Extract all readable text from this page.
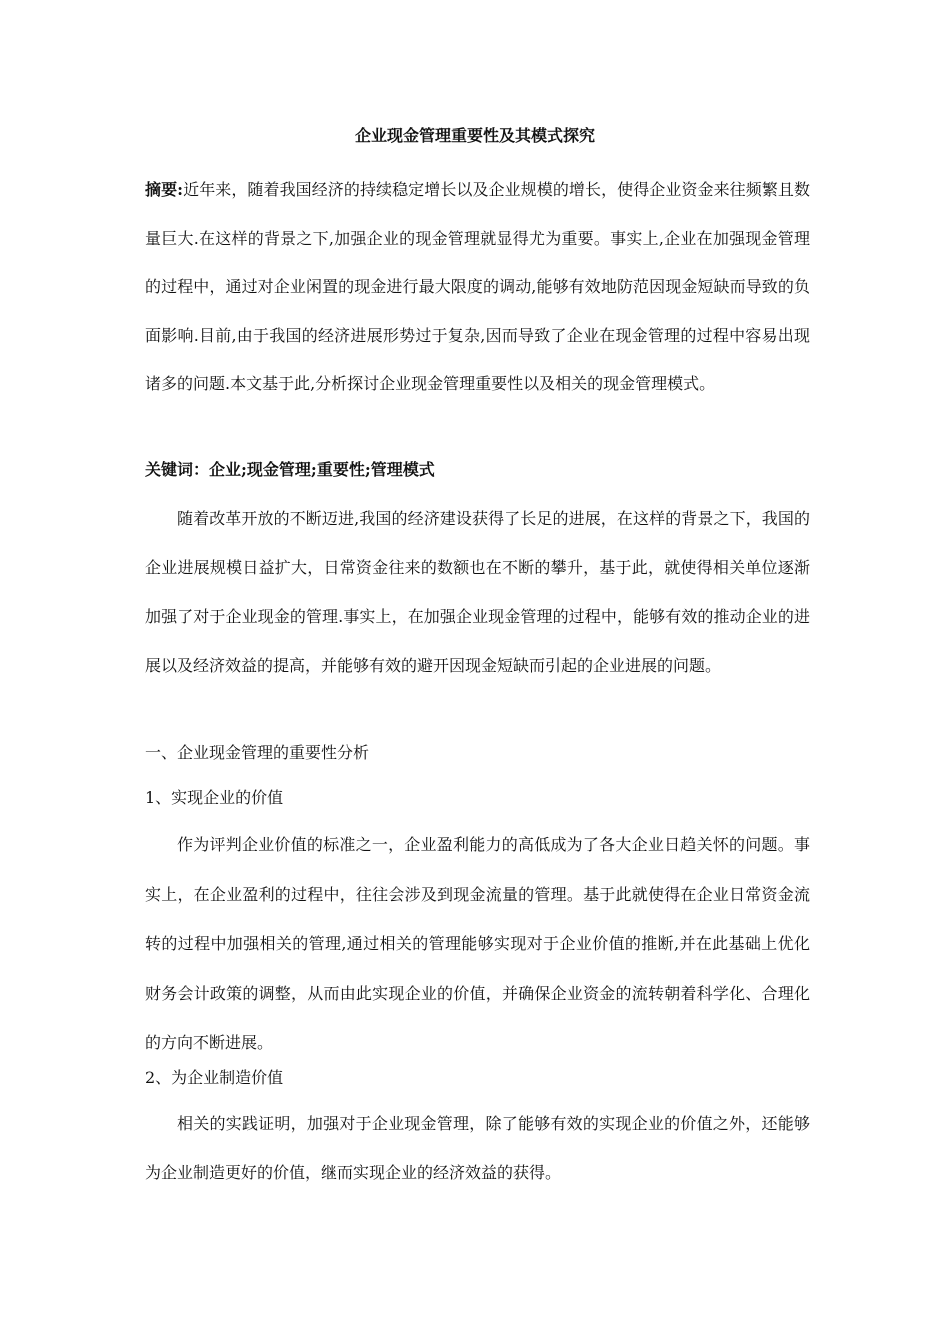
企业现金管理重要性及其模式探究
摘要:近年来，随着我国经济的持续稳定增长以及企业规模的增长，使得企业资金来往频繁且数量巨大.在这样的背景之下,加强企业的现金管理就显得尤为重要。事实上,企业在加强现金管理的过程中，通过对企业闲置的现金进行最大限度的调动,能够有效地防范因现金短缺而导致的负面影响.目前,由于我国的经济进展形势过于复杂,因而导致了企业在现金管理的过程中容易出现诸多的问题.本文基于此,分析探讨企业现金管理重要性以及相关的现金管理模式。
关键词：企业;现金管理;重要性;管理模式
随着改革开放的不断迈进,我国的经济建设获得了长足的进展，在这样的背景之下，我国的企业进展规模日益扩大，日常资金往来的数额也在不断的攀升，基于此，就使得相关单位逐渐加强了对于企业现金的管理.事实上，在加强企业现金管理的过程中，能够有效的推动企业的进展以及经济效益的提高，并能够有效的避开因现金短缺而引起的企业进展的问题。
一、企业现金管理的重要性分析
1、实现企业的价值
作为评判企业价值的标准之一，企业盈利能力的高低成为了各大企业日趋关怀的问题。事实上，在企业盈利的过程中，往往会涉及到现金流量的管理。基于此就使得在企业日常资金流转的过程中加强相关的管理,通过相关的管理能够实现对于企业价值的推断,并在此基础上优化财务会计政策的调整，从而由此实现企业的价值，并确保企业资金的流转朝着科学化、合理化的方向不断进展。
2、为企业制造价值
相关的实践证明，加强对于企业现金管理，除了能够有效的实现企业的价值之外，还能够为企业制造更好的价值，继而实现企业的经济效益的获得。
